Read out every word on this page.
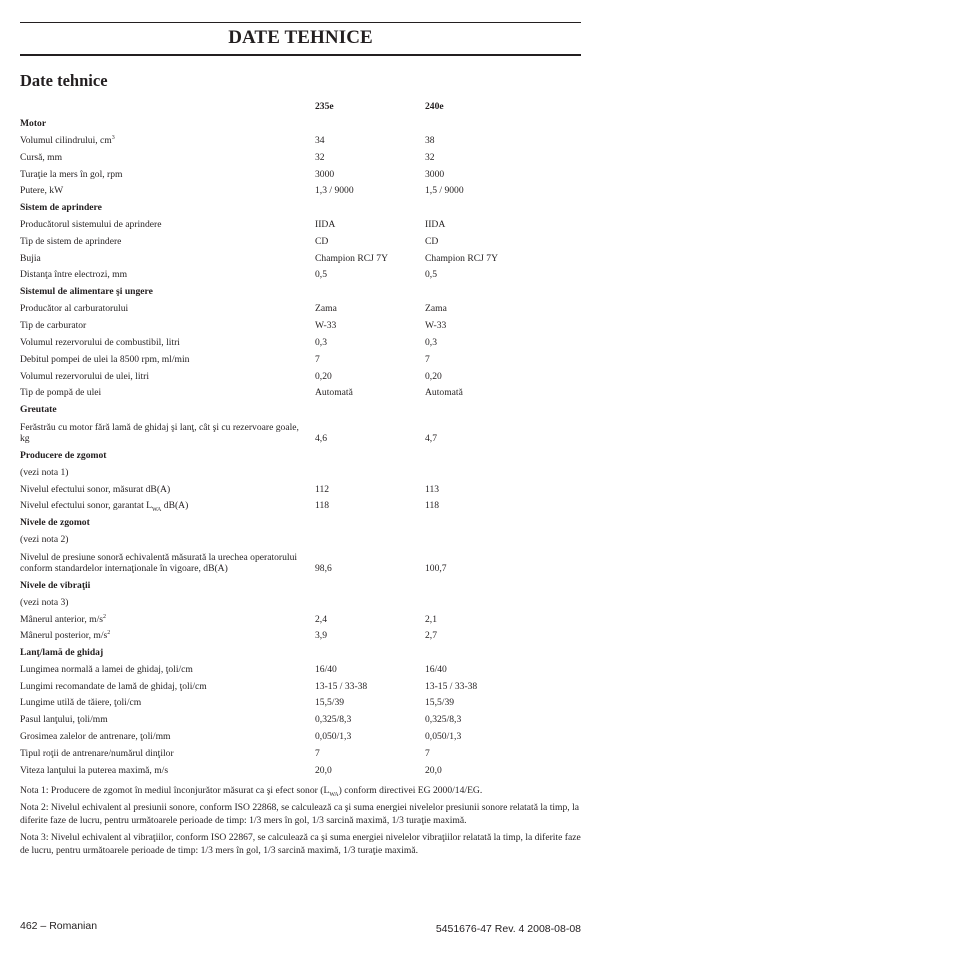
DATE TEHNICE
Date tehnice
235e	240e
Motor
Volumul cilindrului, $cm^3$	34	38
Cursă, mm	32	32
Turaţie la mers în gol, rpm	3000	3000
Putere, kW	1,3 / 9000	1,5 / 9000
Sistem de aprindere
Producătorul sistemului de aprindere	IIDA	IIDA
Tip de sistem de aprindere	CD	CD
Bujia	Champion RCJ 7Y	Champion RCJ 7Y
Distanţa între electrozi, mm	0,5	0,5
Sistemul de alimentare şi ungere
Producător al carburatorului	Zama	Zama
Tip de carburator	W-33	W-33
Volumul rezervorului de combustibil, litri	0,3	0,3
Debitul pompei de ulei la 8500 rpm, ml/min	7	7
Volumul rezervorului de ulei, litri	0,20	0,20
Tip de pompă de ulei	Automată	Automată
Greutate
Ferăstrău cu motor fără lamă de ghidaj şi lanţ, cât şi cu rezervoare goale, kg	4,6	4,7
Producere de zgomot
(vezi nota 1)
Nivelul efectului sonor, măsurat dB(A)	112	113
Nivelul efectului sonor, garantat $L_{WA}$ dB(A)	118	118
Nivele de zgomot
(vezi nota 2)
Nivelul de presiune sonoră echivalentă măsurată la urechea operatorului conform standardelor internaţionale în vigoare, dB(A)	98,6	100,7
Nivele de vibraţii
(vezi nota 3)
Mânerul anterior, $m/s^2$	2,4	2,1
Mânerul posterior, $m/s^2$	3,9	2,7
Lanţ/lamă de ghidaj
Lungimea normală a lamei de ghidaj, ţoli/cm	16/40	16/40
Lungimi recomandate de lamă de ghidaj, ţoli/cm	13-15 / 33-38	13-15 / 33-38
Lungime utilă de tăiere, ţoli/cm	15,5/39	15,5/39
Pasul lanţului, ţoli/mm	0,325/8,3	0,325/8,3
Grosimea zalelor de antrenare, ţoli/mm	0,050/1,3	0,050/1,3
Tipul roţii de antrenare/numărul dinţilor	7	7
Viteza lanţului la puterea maximă, m/s	20,0	20,0

Nota 1: Producere de zgomot în mediul înconjurător măsurat ca şi efect sonor $(L_{WA})$ conform directivei EG 2000/14/EG.

Nota 2: Nivelul echivalent al presiunii sonore, conform ISO 22868, se calculează ca şi suma energiei nivelelor presiunii sonore relatată la timp, la diferite faze de lucru, pentru următoarele perioade de timp: 1/3 mers în gol, 1/3 sarcină maximă, 1/3 turaţie maximă.

Nota 3: Nivelul echivalent al vibraţiilor, conform ISO 22867, se calculează ca şi suma energiei nivelelor vibraţiilor relatată la timp, la diferite faze de lucru, pentru următoarele perioade de timp: 1/3 mers în gol, 1/3 sarcină maximă, 1/3 turaţie maximă.

462 – Romanian	5451676-47 Rev. 4 2008-08-08
